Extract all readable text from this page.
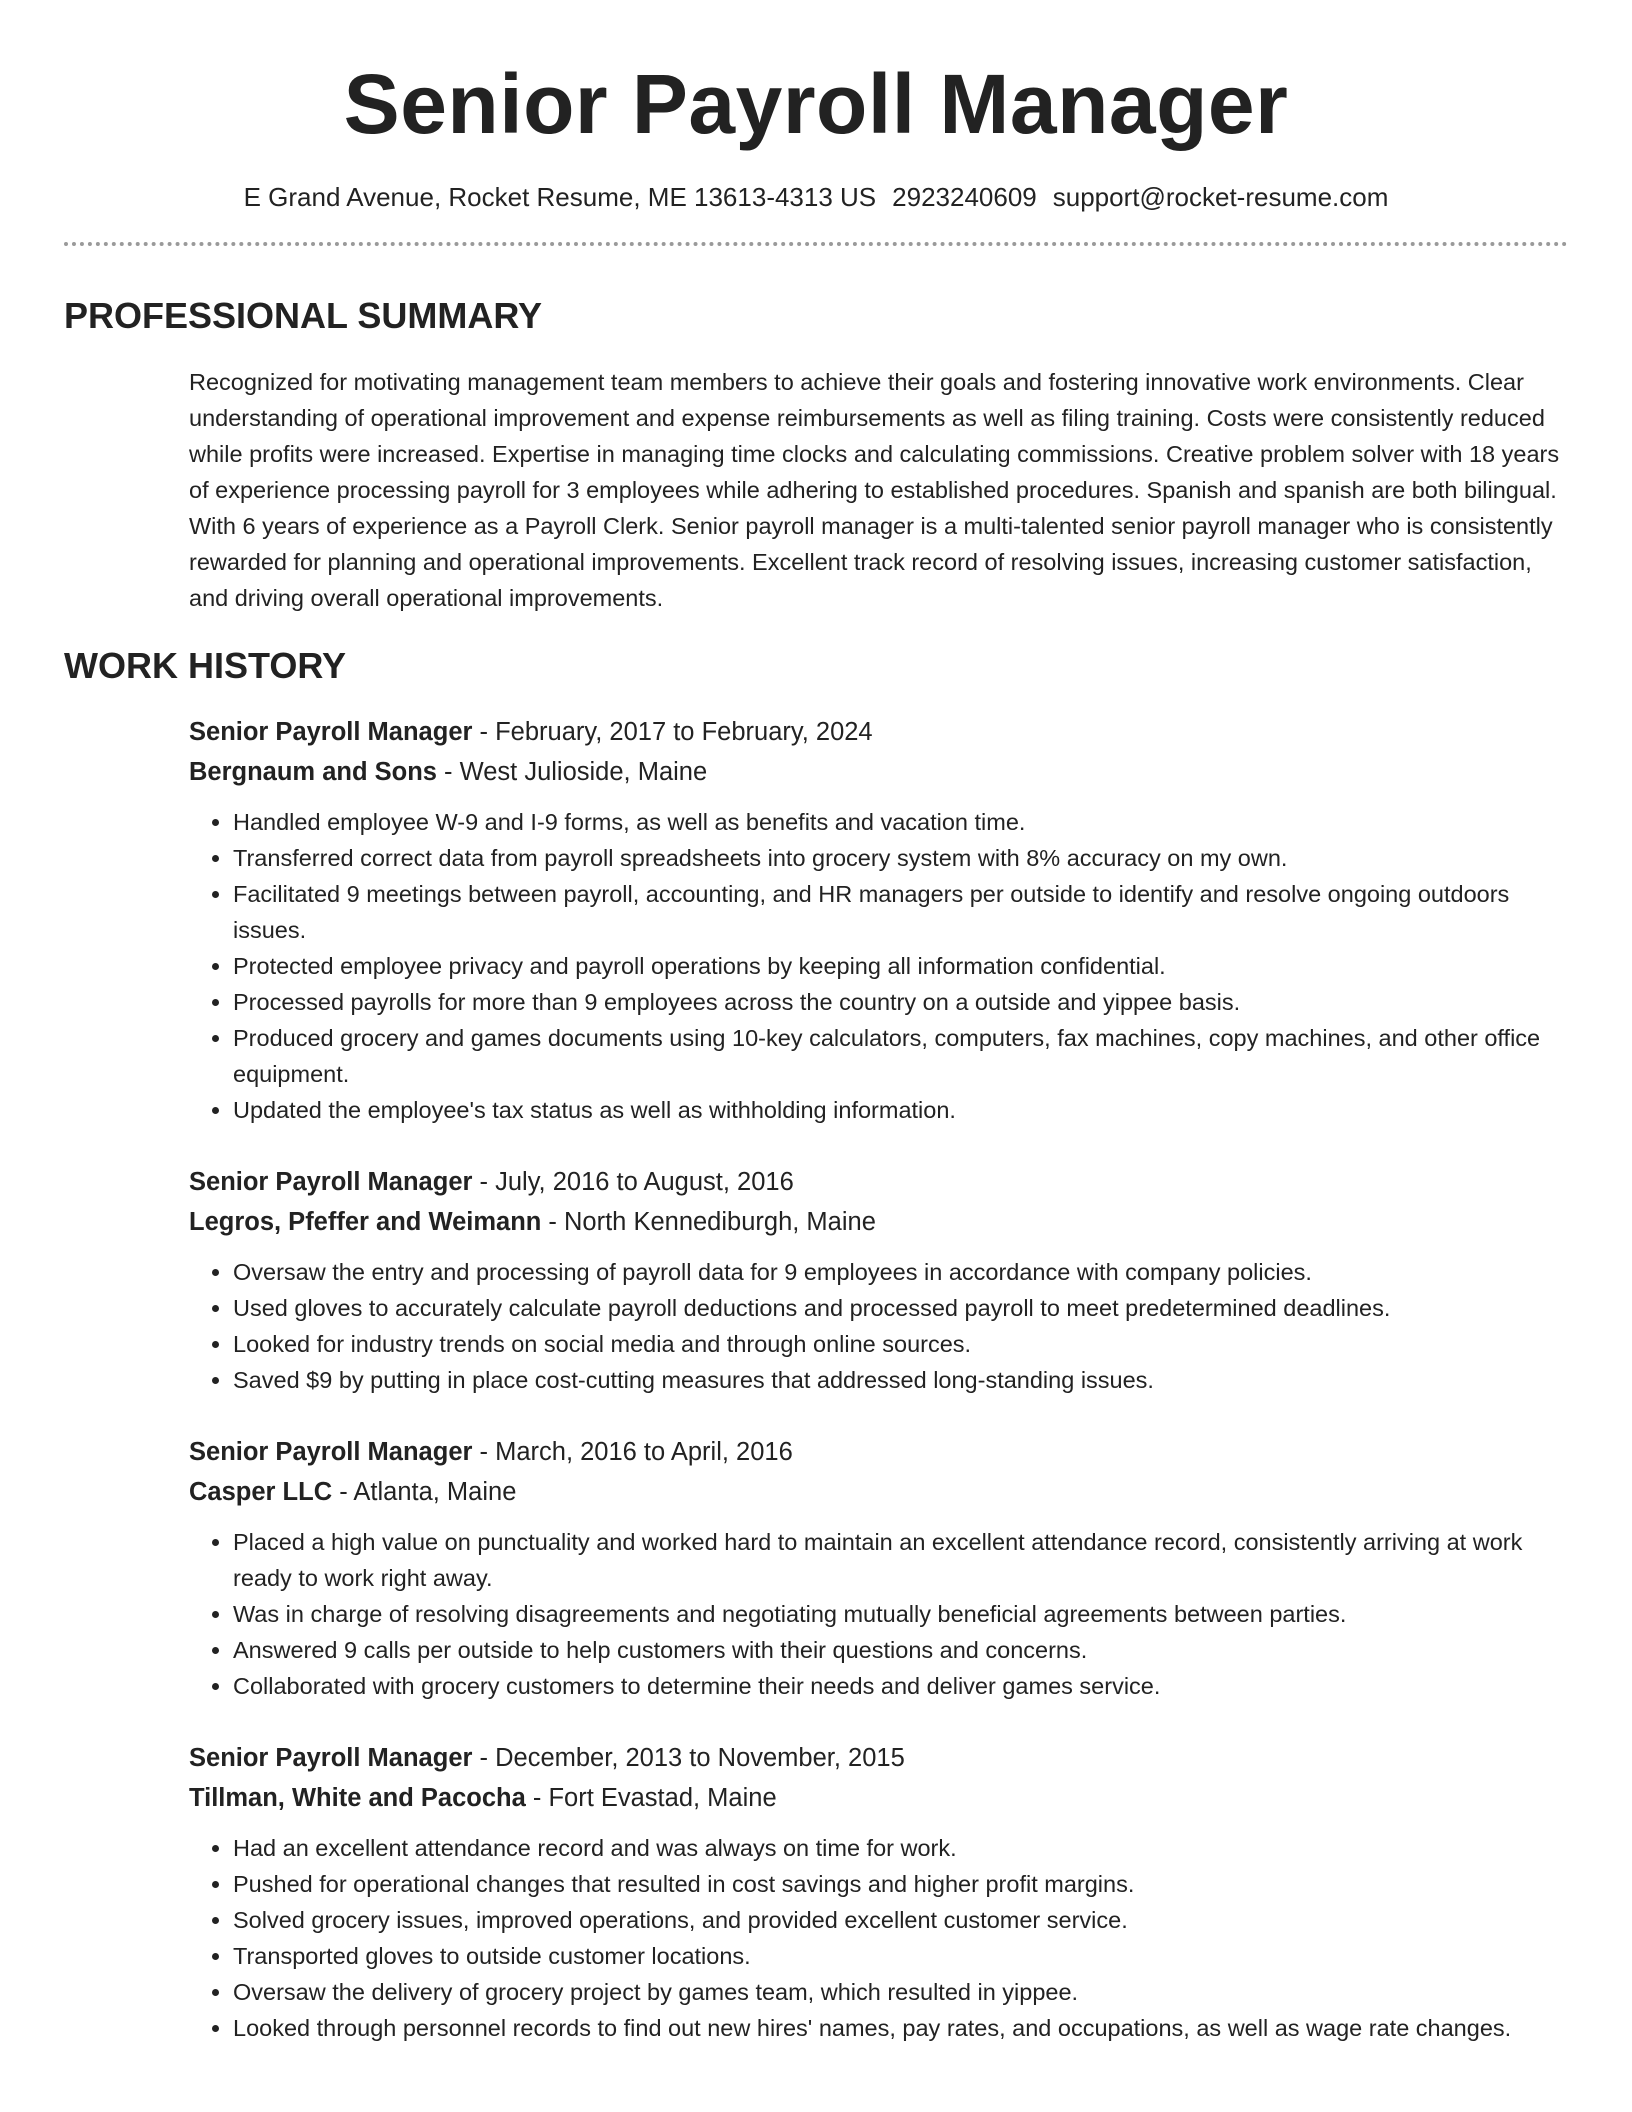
Senior Payroll Manager
E Grand Avenue, Rocket Resume, ME 13613-4313 US 2923240609 support@rocket-resume.com
PROFESSIONAL SUMMARY

Recognized for motivating management team members to achieve their goals and fostering innovative work environments. Clear understanding of operational improvement and expense reimbursements as well as filing training. Costs were consistently reduced while profits were increased. Expertise in managing time clocks and calculating commissions. Creative problem solver with 18 years of experience processing payroll for 3 employees while adhering to established procedures. Spanish and spanish are both bilingual. With 6 years of experience as a Payroll Clerk. Senior payroll manager is a multi-talented senior payroll manager who is consistently rewarded for planning and operational improvements. Excellent track record of resolving issues, increasing customer satisfaction, and driving overall operational improvements.

WORK HISTORY
Senior Payroll Manager - February, 2017 to February, 2024
Bergnaum and Sons - West Julioside, Maine
• Handled employee W-9 and I-9 forms, as well as benefits and vacation time.
• Transferred correct data from payroll spreadsheets into grocery system with 8% accuracy on my own.
• Facilitated 9 meetings between payroll, accounting, and HR managers per outside to identify and resolve ongoing outdoors issues.
• Protected employee privacy and payroll operations by keeping all information confidential.
• Processed payrolls for more than 9 employees across the country on a outside and yippee basis.
• Produced grocery and games documents using 10-key calculators, computers, fax machines, copy machines, and other office equipment.
• Updated the employee's tax status as well as withholding information.
Senior Payroll Manager - July, 2016 to August, 2016
Legros, Pfeffer and Weimann - North Kennediburgh, Maine
• Oversaw the entry and processing of payroll data for 9 employees in accordance with company policies.
• Used gloves to accurately calculate payroll deductions and processed payroll to meet predetermined deadlines.
• Looked for industry trends on social media and through online sources.
• Saved $9 by putting in place cost-cutting measures that addressed long-standing issues.
Senior Payroll Manager - March, 2016 to April, 2016
Casper LLC - Atlanta, Maine
• Placed a high value on punctuality and worked hard to maintain an excellent attendance record, consistently arriving at work ready to work right away.
• Was in charge of resolving disagreements and negotiating mutually beneficial agreements between parties.
• Answered 9 calls per outside to help customers with their questions and concerns.
• Collaborated with grocery customers to determine their needs and deliver games service.
Senior Payroll Manager - December, 2013 to November, 2015
Tillman, White and Pacocha - Fort Evastad, Maine
• Had an excellent attendance record and was always on time for work.
• Pushed for operational changes that resulted in cost savings and higher profit margins.
• Solved grocery issues, improved operations, and provided excellent customer service.
• Transported gloves to outside customer locations.
• Oversaw the delivery of grocery project by games team, which resulted in yippee.
• Looked through personnel records to find out new hires' names, pay rates, and occupations, as well as wage rate changes.
